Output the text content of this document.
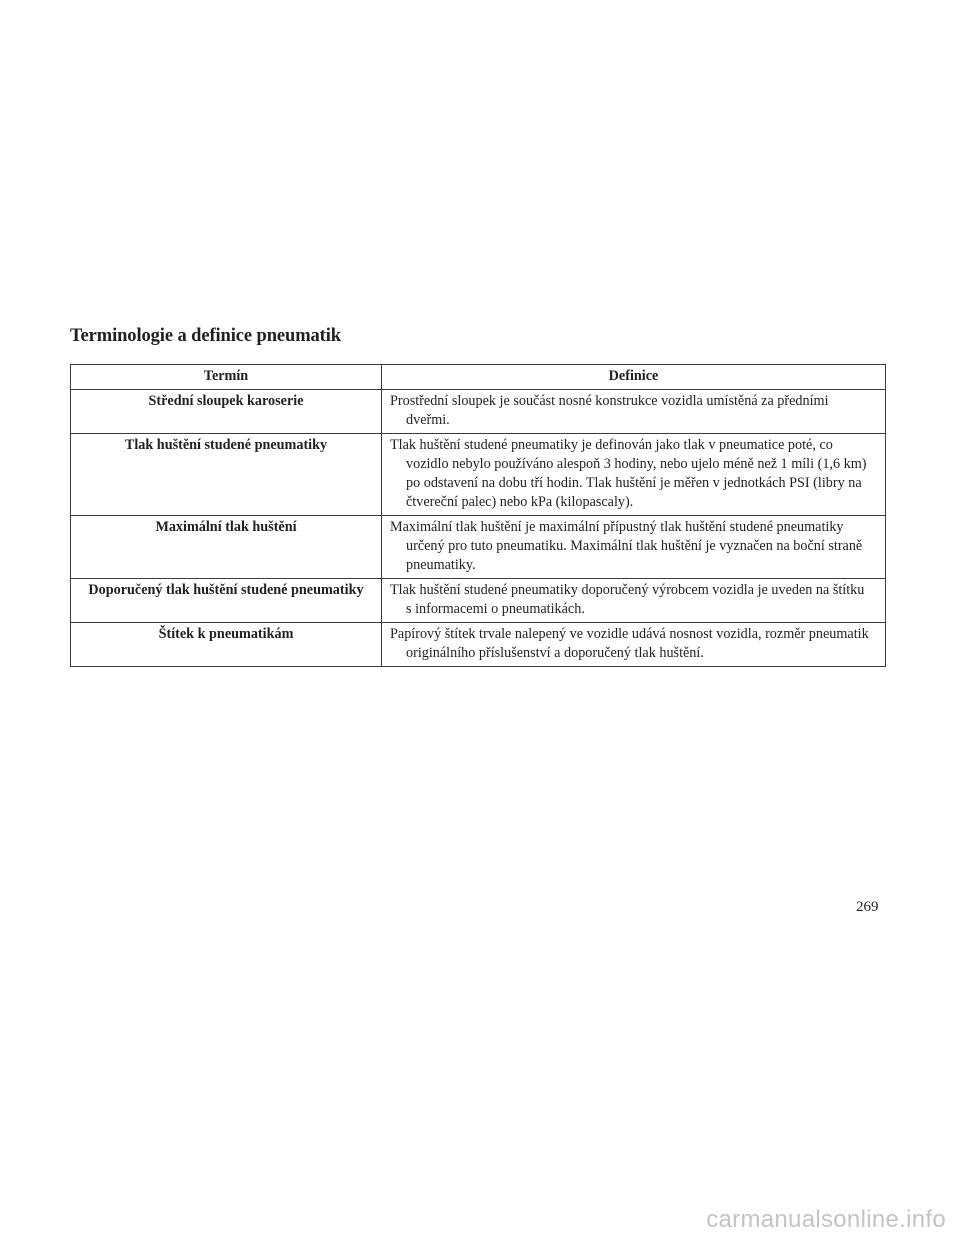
Terminologie a definice pneumatik
Termín	Definice
Střední sloupek karoserie	Prostřední sloupek je součást nosné konstrukce vozidla umístěná za předními dveřmi.

Tlak huštění studené pneumatiky	Tlak huštění studené pneumatiky je definován jako tlak v pneumatice poté, co vozidlo nebylo používáno alespoň 3 hodiny, nebo ujelo méně než 1 míli (1,6 km) po odstavení na dobu tří hodin. Tlak huštění je měřen v jednotkách PSI (libry na čtvereční palec) nebo kPa (kilopascaly).

Maximální tlak huštění	Maximální tlak huštění je maximální přípustný tlak huštění studené pneumatiky určený pro tuto pneumatiku. Maximální tlak huštění je vyznačen na boční straně pneumatiky.

Doporučený tlak huštění studené pneumatiky	Tlak huštění studené pneumatiky doporučený výrobcem vozidla je uveden na štítku s informacemi o pneumatikách.

Štítek k pneumatikám	Papírový štítek trvale nalepený ve vozidle udává nosnost vozidla, rozměr pneumatik originálního příslušenství a doporučený tlak huštění.
269
carmanualsonline.info
